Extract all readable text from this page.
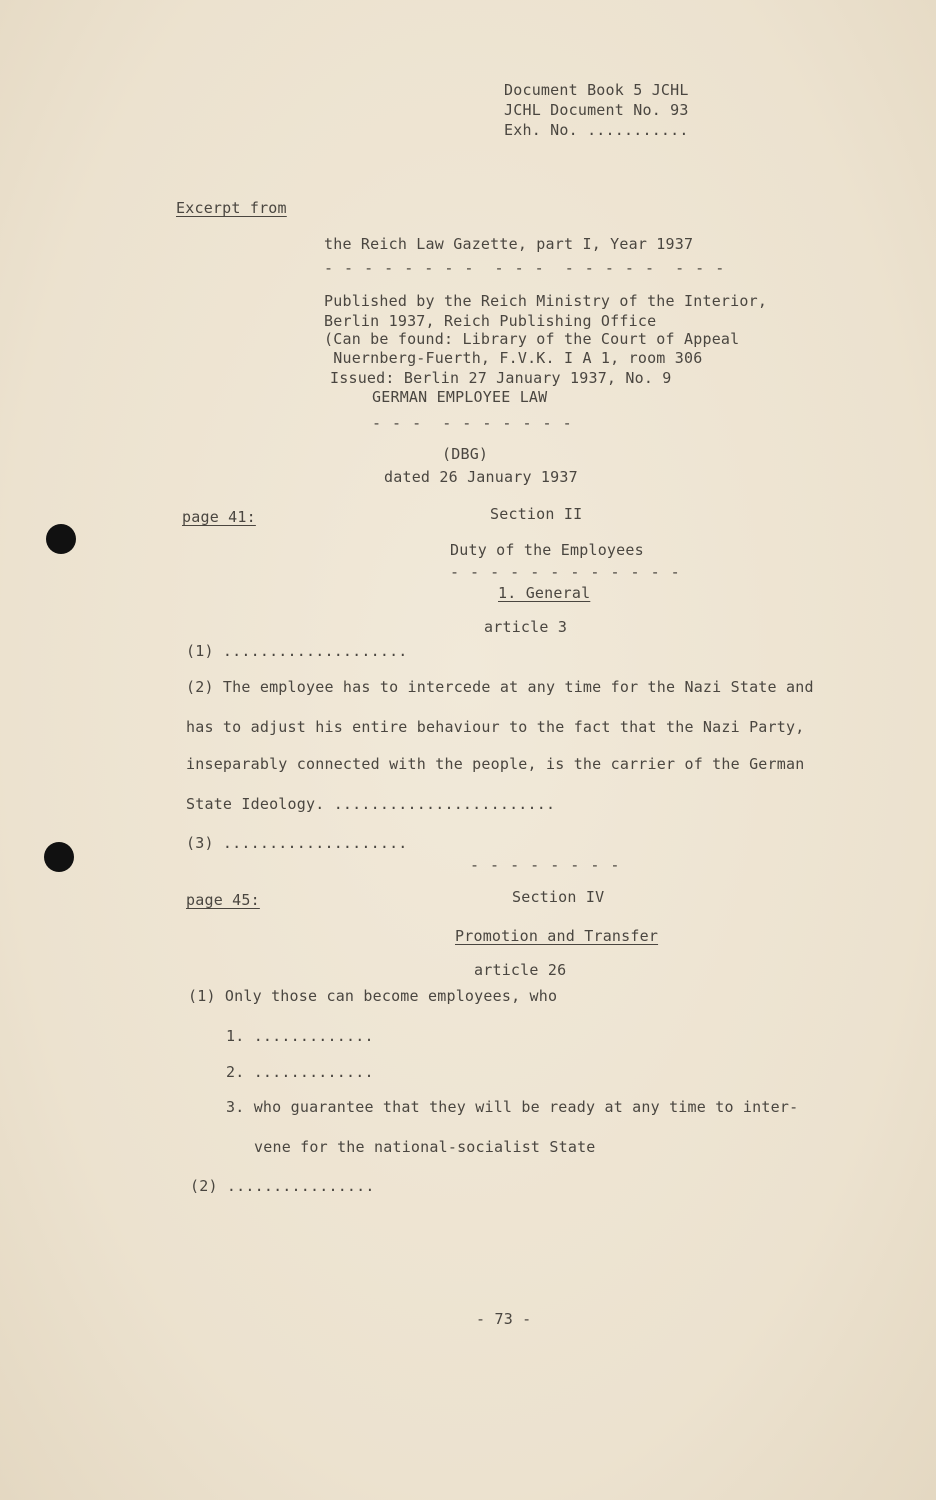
Document Book 5 JCHL
JCHL Document No. 93
Exh. No. ...........
Excerpt from
the Reich Law Gazette, part I, Year 1937
- - - - - - - -  - - -  - - - - -  - - -
Published by the Reich Ministry of the Interior,
Berlin 1937, Reich Publishing Office
(Can be found: Library of the Court of Appeal
Nuernberg-Fuerth, F.V.K. I A 1, room 306
Issued: Berlin 27 January 1937, No. 9
GERMAN EMPLOYEE LAW
- - -  - - - - - - -
(DBG)
dated 26 January 1937
page 41:	Section II
Duty of the Employees
- - - - - - - - - - - -
1. General
article 3
(1) ....................
(2) The employee has to intercede at any time for the Nazi State and
has to adjust his entire behaviour to the fact that the Nazi Party,
inseparably connected with the people, is the carrier of the German
State Ideology. ........................
(3) ....................
- - - - - - - -
page 45:	Section IV
Promotion and Transfer
article 26
(1) Only those can become employees, who
1. .............
2. .............
3. who guarantee that they will be ready at any time to inter-
vene for the national-socialist State
(2) ................
- 73 -
